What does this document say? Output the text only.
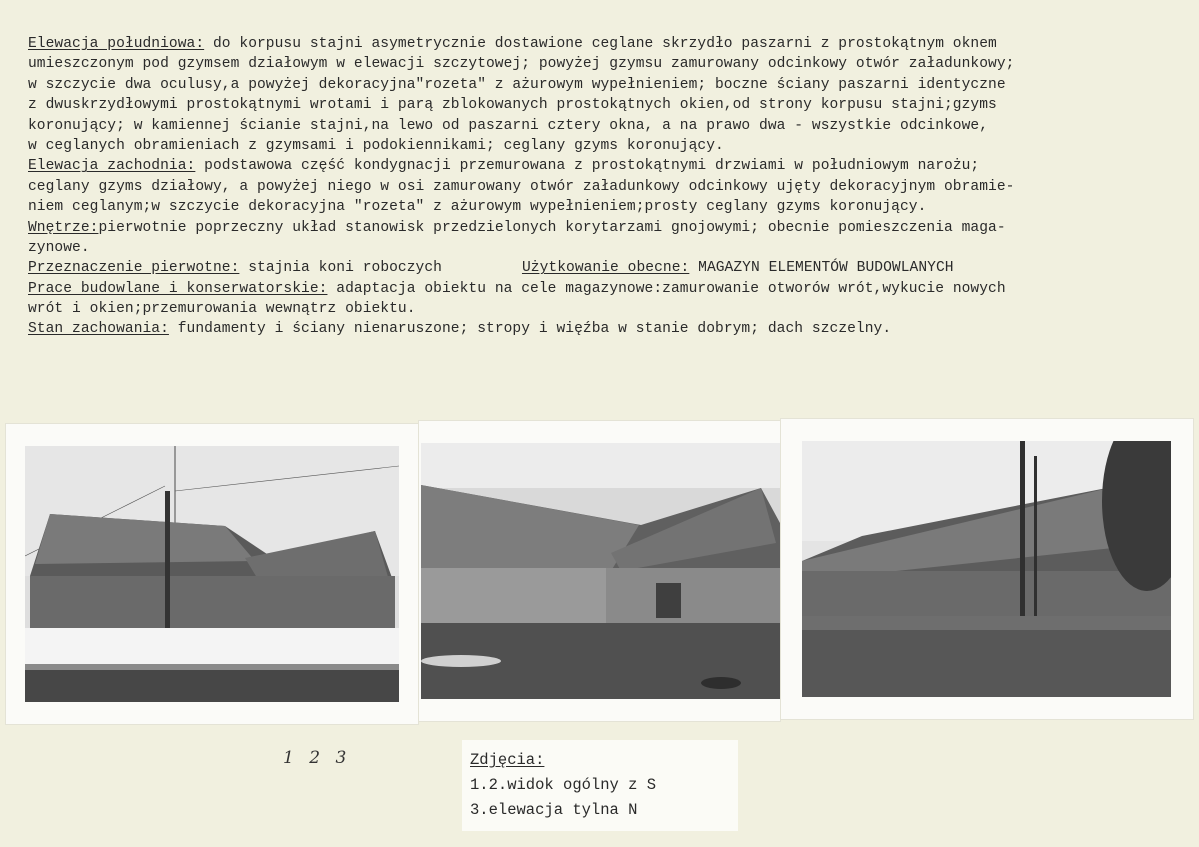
Elewacja południowa: do korpusu stajni asymetrycznie dostawione ceglane skrzydło paszarni z prostokątnym oknem
umieszczonym pod gzymsem działowym w elewacji szczytowej; powyżej gzymsu zamurowany odcinkowy otwór załadunkowy;
w szczycie dwa oculusy,a powyżej dekoracyjna"rozeta" z ażurowym wypełnieniem; boczne ściany paszarni identyczne
z dwuskrzydłowymi prostokątnymi wrotami i parą zblokowanych prostokątnych okien,od strony korpusu stajni;gzyms
koronujący; w kamiennej ścianie stajni,na lewo od paszarni cztery okna, a na prawo dwa - wszystkie odcinkowe,
w ceglanych obramieniach z gzymsami i podokiennikami; ceglany gzyms koronujący.
Elewacja zachodnia: podstawowa część kondygnacji przemurowana z prostokątnymi drzwiami w południowym narożu;
ceglany gzyms działowy, a powyżej niego w osi zamurowany otwór załadunkowy odcinkowy ujęty dekoracyjnym obramie-
niem ceglanym;w szczycie dekoracyjna "rozeta" z ażurowym wypełnieniem;prosty ceglany gzyms koronujący.
Wnętrze:pierwotnie poprzeczny układ stanowisk przedzielonych korytarzami gnojowymi; obecnie pomieszczenia maga-
zynowe.
Przeznaczenie pierwotne: stajnia koni roboczych	Użytkowanie obecne: MAGAZYN ELEMENTÓW BUDOWLANYCH
Prace budowlane i konserwatorskie: adaptacja obiektu na cele magazynowe:zamurowanie otworów wrót,wykucie nowych
wrót i okien;przemurowania wewnątrz obiektu.
Stan zachowania: fundamenty i ściany nienaruszone; stropy i więźba w stanie dobrym; dach szczelny.
1 2 3	Zdjęcia:
1.2.widok ogólny z S
3.elewacja tylna N
